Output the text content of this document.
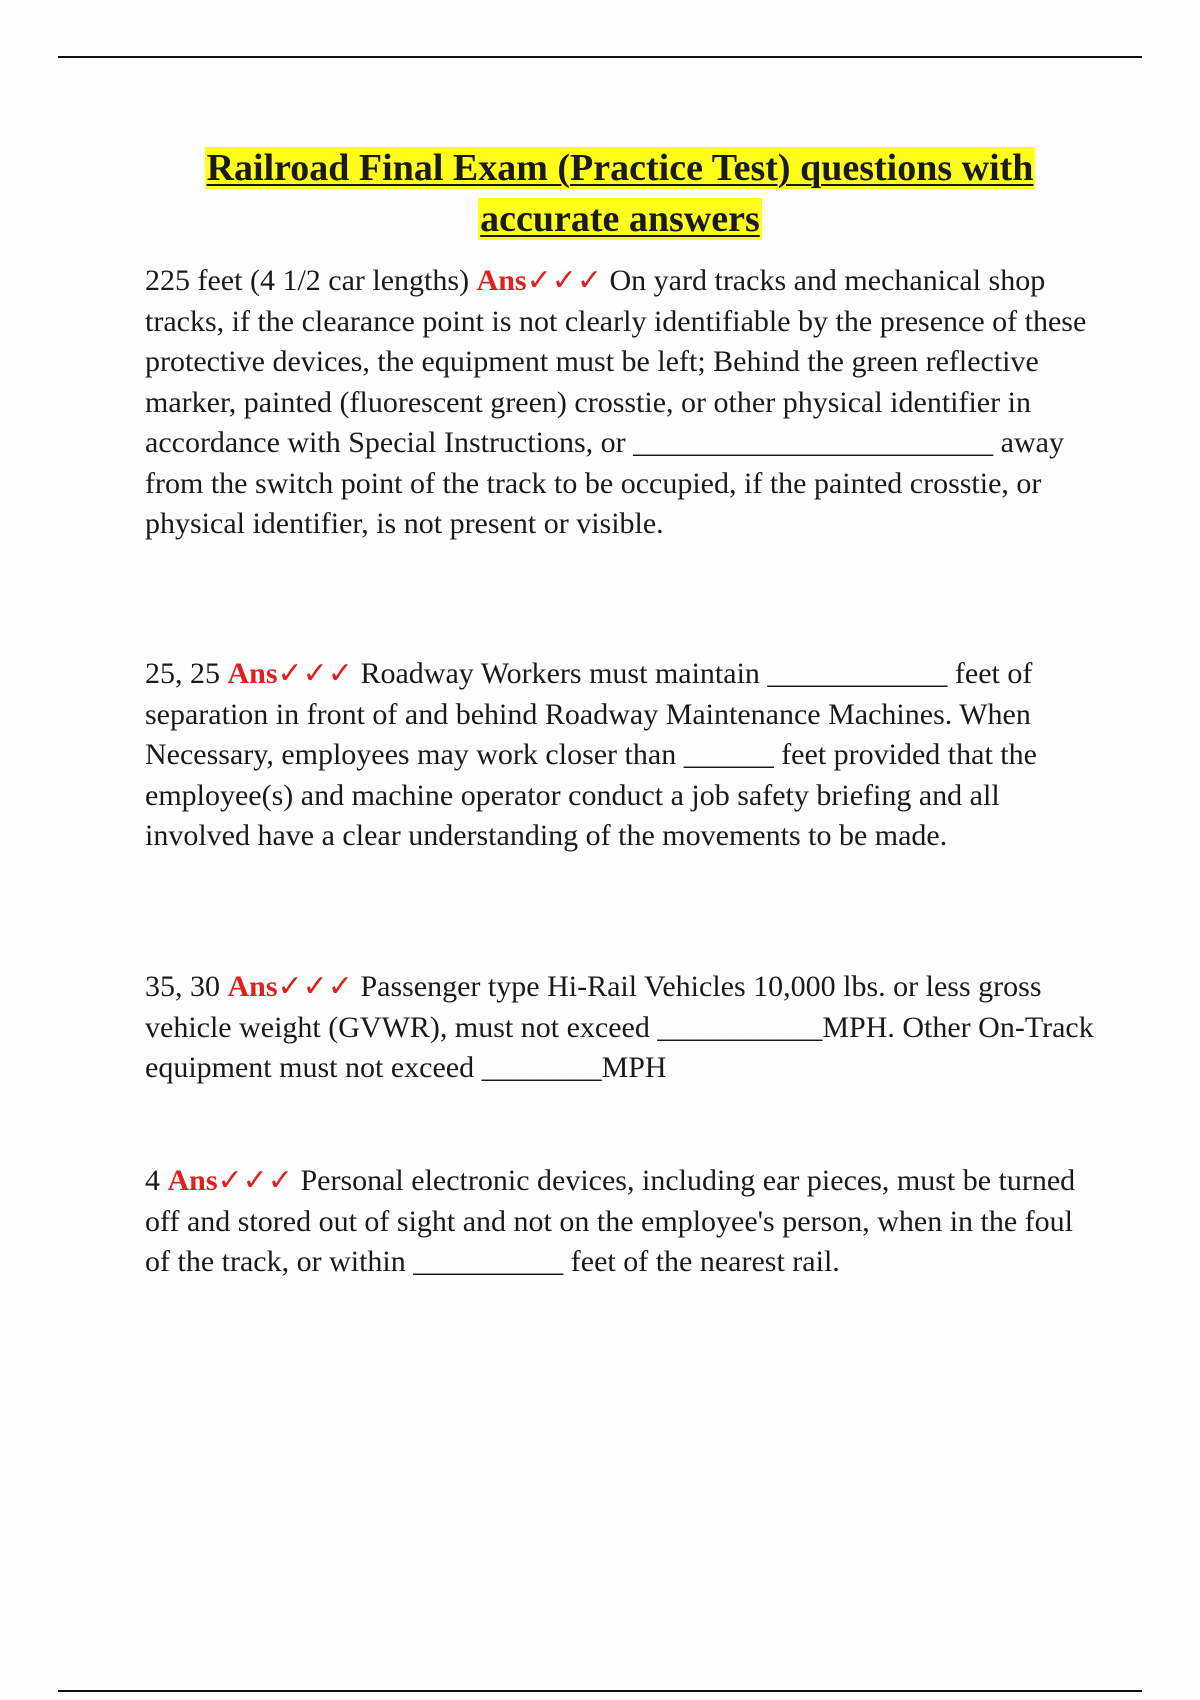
Railroad Final Exam (Practice Test) questions with
accurate answers

225 feet (4 1/2 car lengths) Ans✓✓✓ On yard tracks and mechanical shop tracks, if the clearance point is not clearly identifiable by the presence of these protective devices, the equipment must be left; Behind the green reflective marker, painted (fluorescent green) crosstie, or other physical identifier in accordance with Special Instructions, or ________________________ away from the switch point of the track to be occupied, if the painted crosstie, or physical identifier, is not present or visible.

25, 25 Ans✓✓✓ Roadway Workers must maintain ____________ feet of separation in front of and behind Roadway Maintenance Machines. When Necessary, employees may work closer than ______ feet provided that the employee(s) and machine operator conduct a job safety briefing and all involved have a clear understanding of the movements to be made.

35, 30 Ans✓✓✓ Passenger type Hi-Rail Vehicles 10,000 lbs. or less gross vehicle weight (GVWR), must not exceed ___________MPH. Other On-Track equipment must not exceed ________MPH

4 Ans✓✓✓ Personal electronic devices, including ear pieces, must be turned off and stored out of sight and not on the employee's person, when in the foul of the track, or within __________ feet of the nearest rail.
